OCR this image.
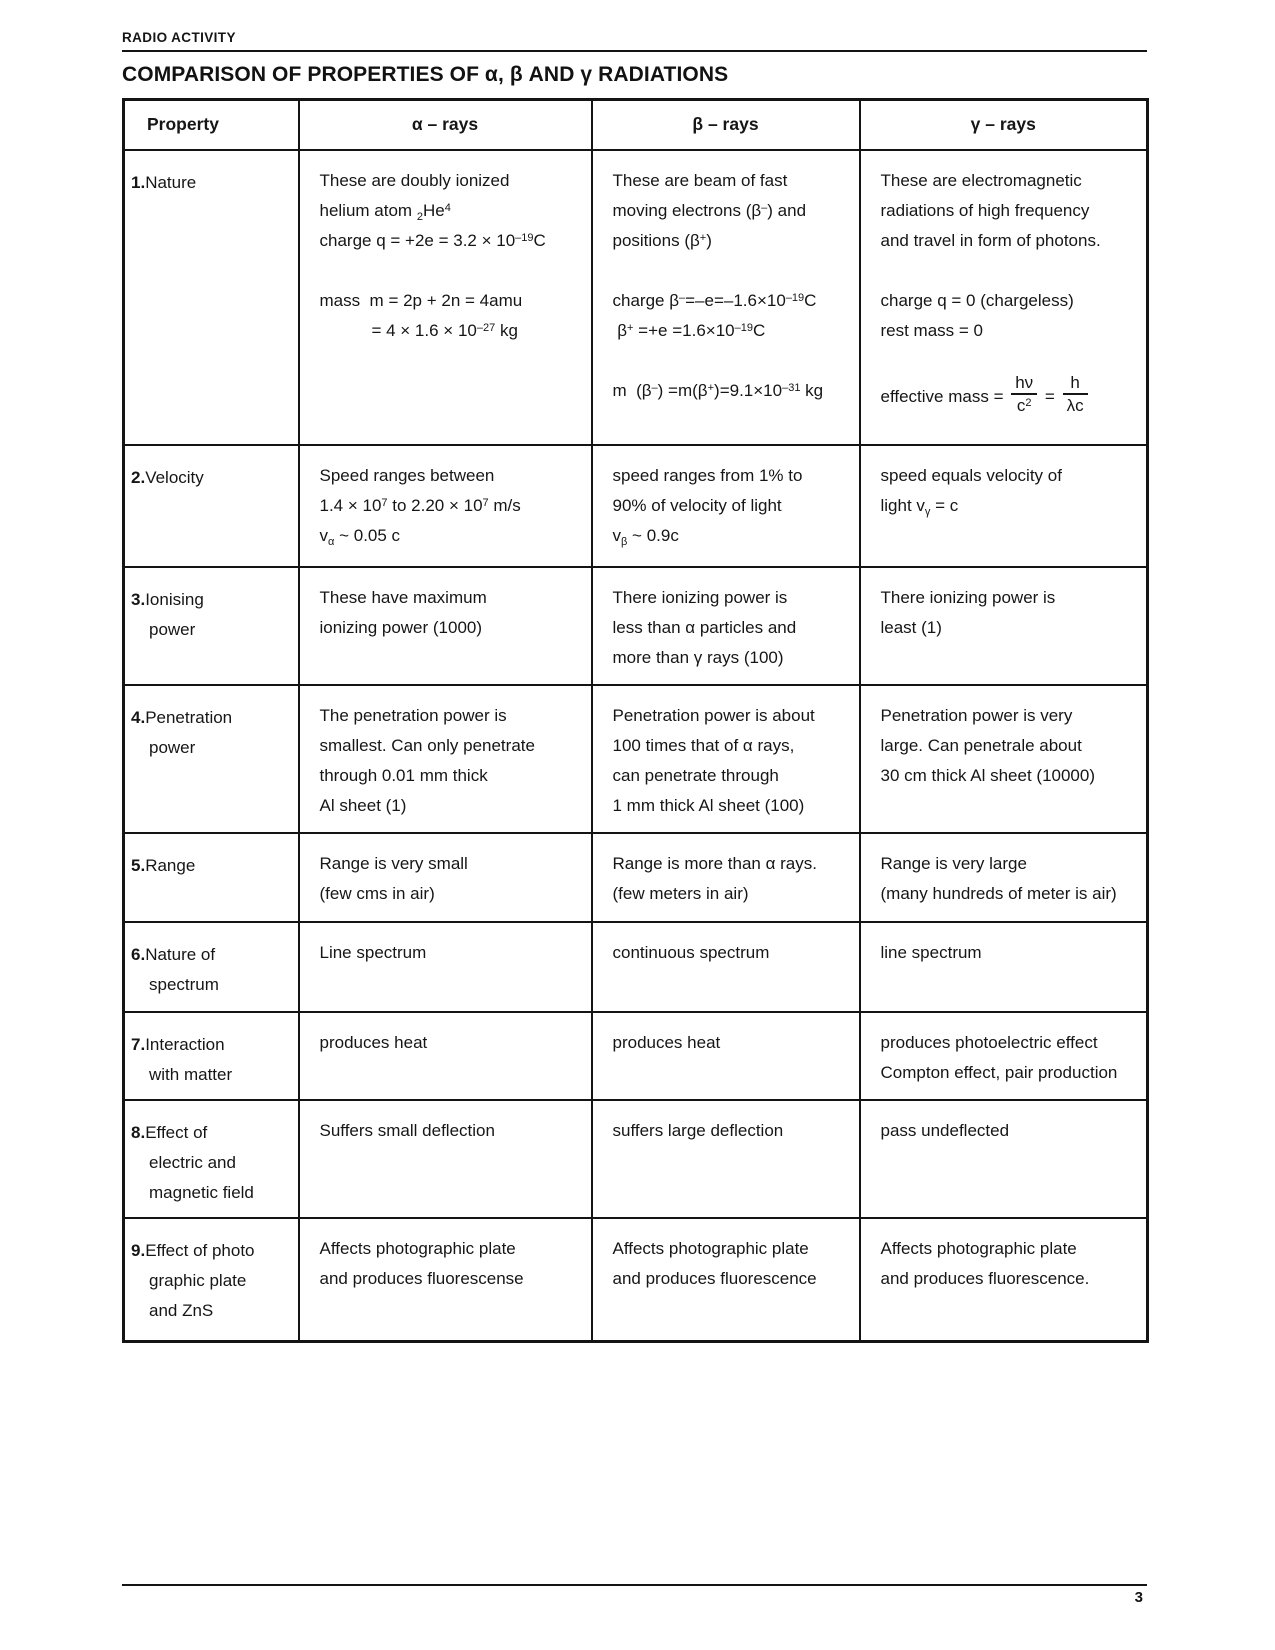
RADIO ACTIVITY
COMPARISON OF PROPERTIES OF α, β AND γ RADIATIONS
Property	α – rays	β – rays	γ – rays
1.Nature	These are doubly ionized
helium atom $_2He^4$
charge $q = +2e = 3.2 \times 10^{-19}C$

mass  m = 2p + 2n = 4amu
= $4 \times 1.6 \times 10^{-27}$ kg	These are beam of fast
moving electrons (β–) and
positions (β+)

charge $\beta^-=-e=-1.6\times 10^{-19}C$
$\beta^+ =+e =1.6\times 10^{-19}C$

m  $(\beta^-) =m(\beta^+)=9.1\times 10^{-31}$ kg	These are electromagnetic
radiations of high frequency
and travel in form of photons.

charge q = 0 (chargeless)
rest mass = 0

effective mass = $\frac{h\nu}{c^2} = \frac{h}{\lambda c}$

2.Velocity	Speed ranges between
$1.4 \times 10^7$ to $2.20 \times 10^7$ m/s
$v_\alpha$ ~ 0.05 c	speed ranges from 1% to
90% of velocity of light
$v_\beta$ ~ 0.9c	speed equals velocity of
light $v_\gamma = c$
3.Ionising
power	These have maximum
ionizing power (1000)	There ionizing power is
less than α particles and
more than γ rays (100)	There ionizing power is
least (1)
4.Penetration
power	The penetration power is
smallest. Can only penetrate
through 0.01 mm thick
Al sheet (1)	Penetration power is about
100 times that of α rays,
can penetrate through
1 mm thick Al sheet (100)	Penetration power is very
large. Can penetrale about
30 cm thick Al sheet (10000)
5.Range	Range is very small
(few cms in air)	Range is more than α rays.
(few meters in air)	Range is very large
(many hundreds of meter is air)
6.Nature of
spectrum	Line spectrum	continuous spectrum	line spectrum
7.Interaction
with matter	produces heat	produces heat	produces photoelectric effect
Compton effect, pair production
8.Effect of
electric and
magnetic field	Suffers small deflection	suffers large deflection	pass undeflected
9.Effect of photo
graphic plate
and ZnS	Affects photographic plate
and produces fluorescense	Affects photographic plate
and produces fluorescence	Affects photographic plate
and produces fluorescence.
3
